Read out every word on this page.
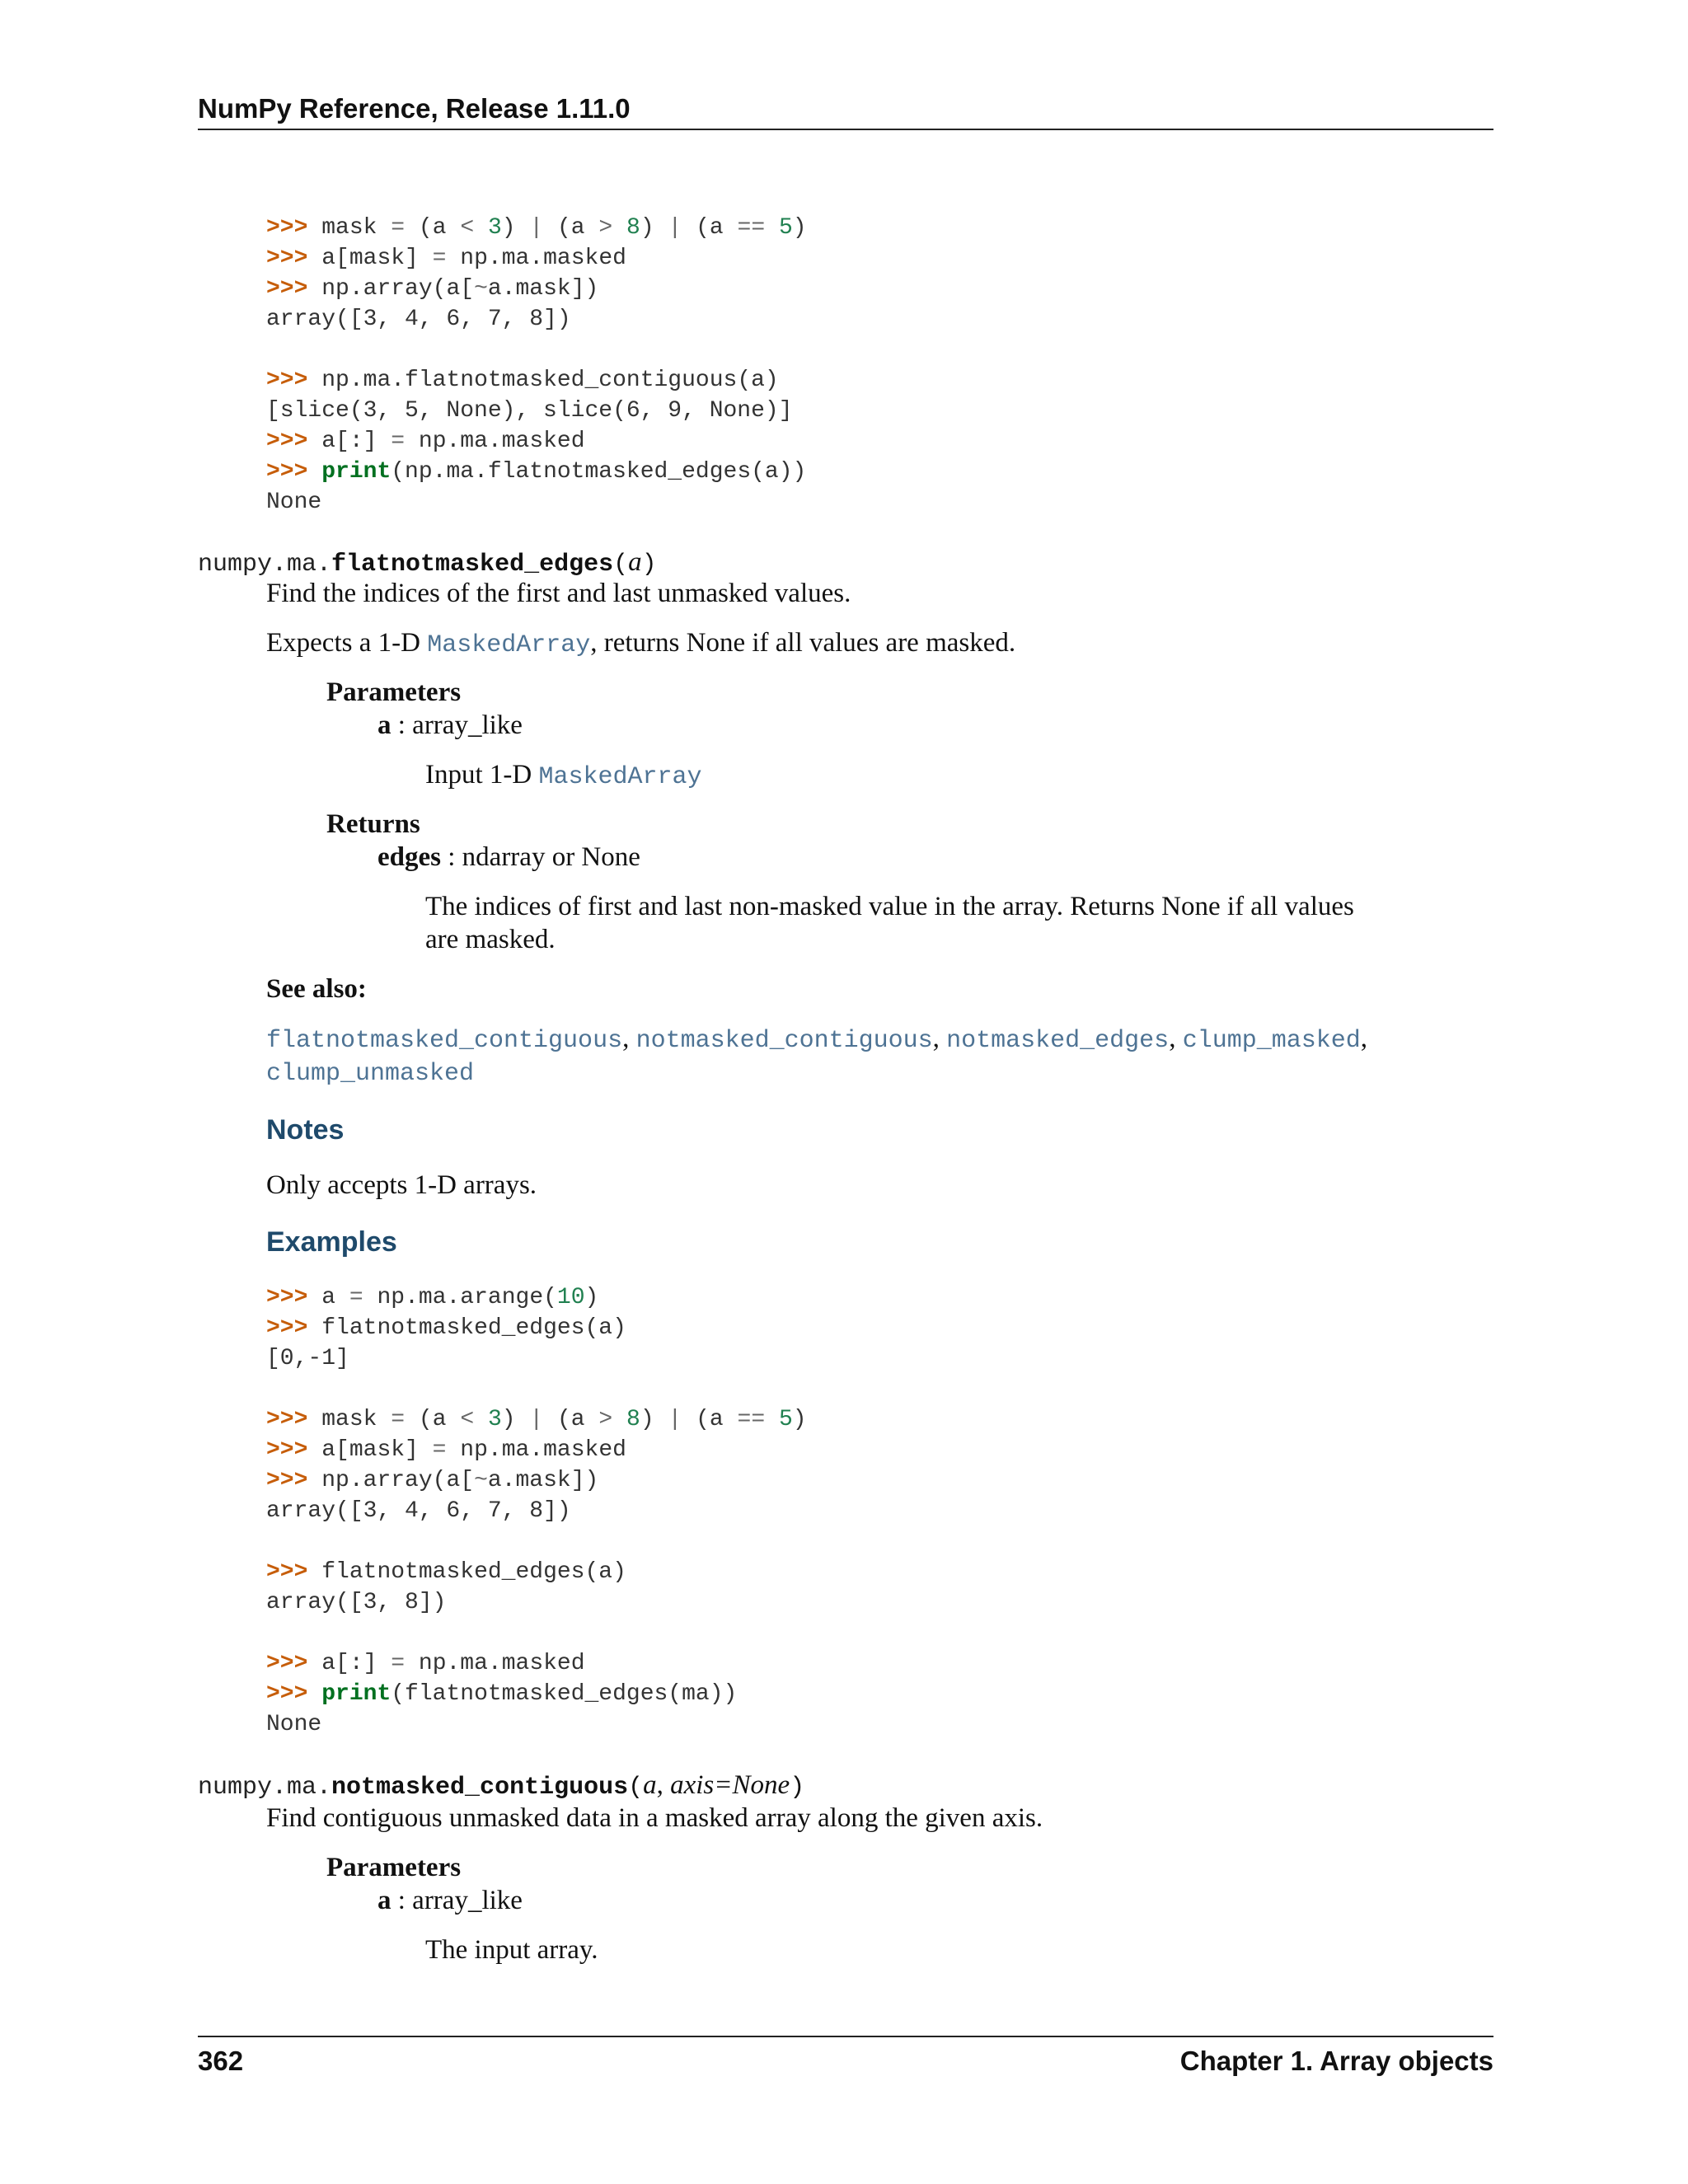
NumPy Reference, Release 1.11.0
>>> mask = (a < 3) | (a > 8) | (a == 5)
>>> a[mask] = np.ma.masked
>>> np.array(a[~a.mask])
array([3, 4, 6, 7, 8])

>>> np.ma.flatnotmasked_contiguous(a)
[slice(3, 5, None), slice(6, 9, None)]
>>> a[:] = np.ma.masked
>>> print(np.ma.flatnotmasked_edges(a))
None
numpy.ma.flatnotmasked_edges(a)
Find the indices of the first and last unmasked values.
Expects a 1-D MaskedArray, returns None if all values are masked.
Parameters
a : array_like
Input 1-D MaskedArray
Returns
edges : ndarray or None
The indices of first and last non-masked value in the array. Returns None if all values
are masked.
See also:
flatnotmasked_contiguous, notmasked_contiguous, notmasked_edges, clump_masked,
clump_unmasked
Notes
Only accepts 1-D arrays.
Examples
>>> a = np.ma.arange(10)
>>> flatnotmasked_edges(a)
[0,-1]

>>> mask = (a < 3) | (a > 8) | (a == 5)
>>> a[mask] = np.ma.masked
>>> np.array(a[~a.mask])
array([3, 4, 6, 7, 8])

>>> flatnotmasked_edges(a)
array([3, 8])

>>> a[:] = np.ma.masked
>>> print(flatnotmasked_edges(ma))
None
numpy.ma.notmasked_contiguous(a, axis=None)
Find contiguous unmasked data in a masked array along the given axis.
Parameters
a : array_like
The input array.
362	Chapter 1. Array objects
